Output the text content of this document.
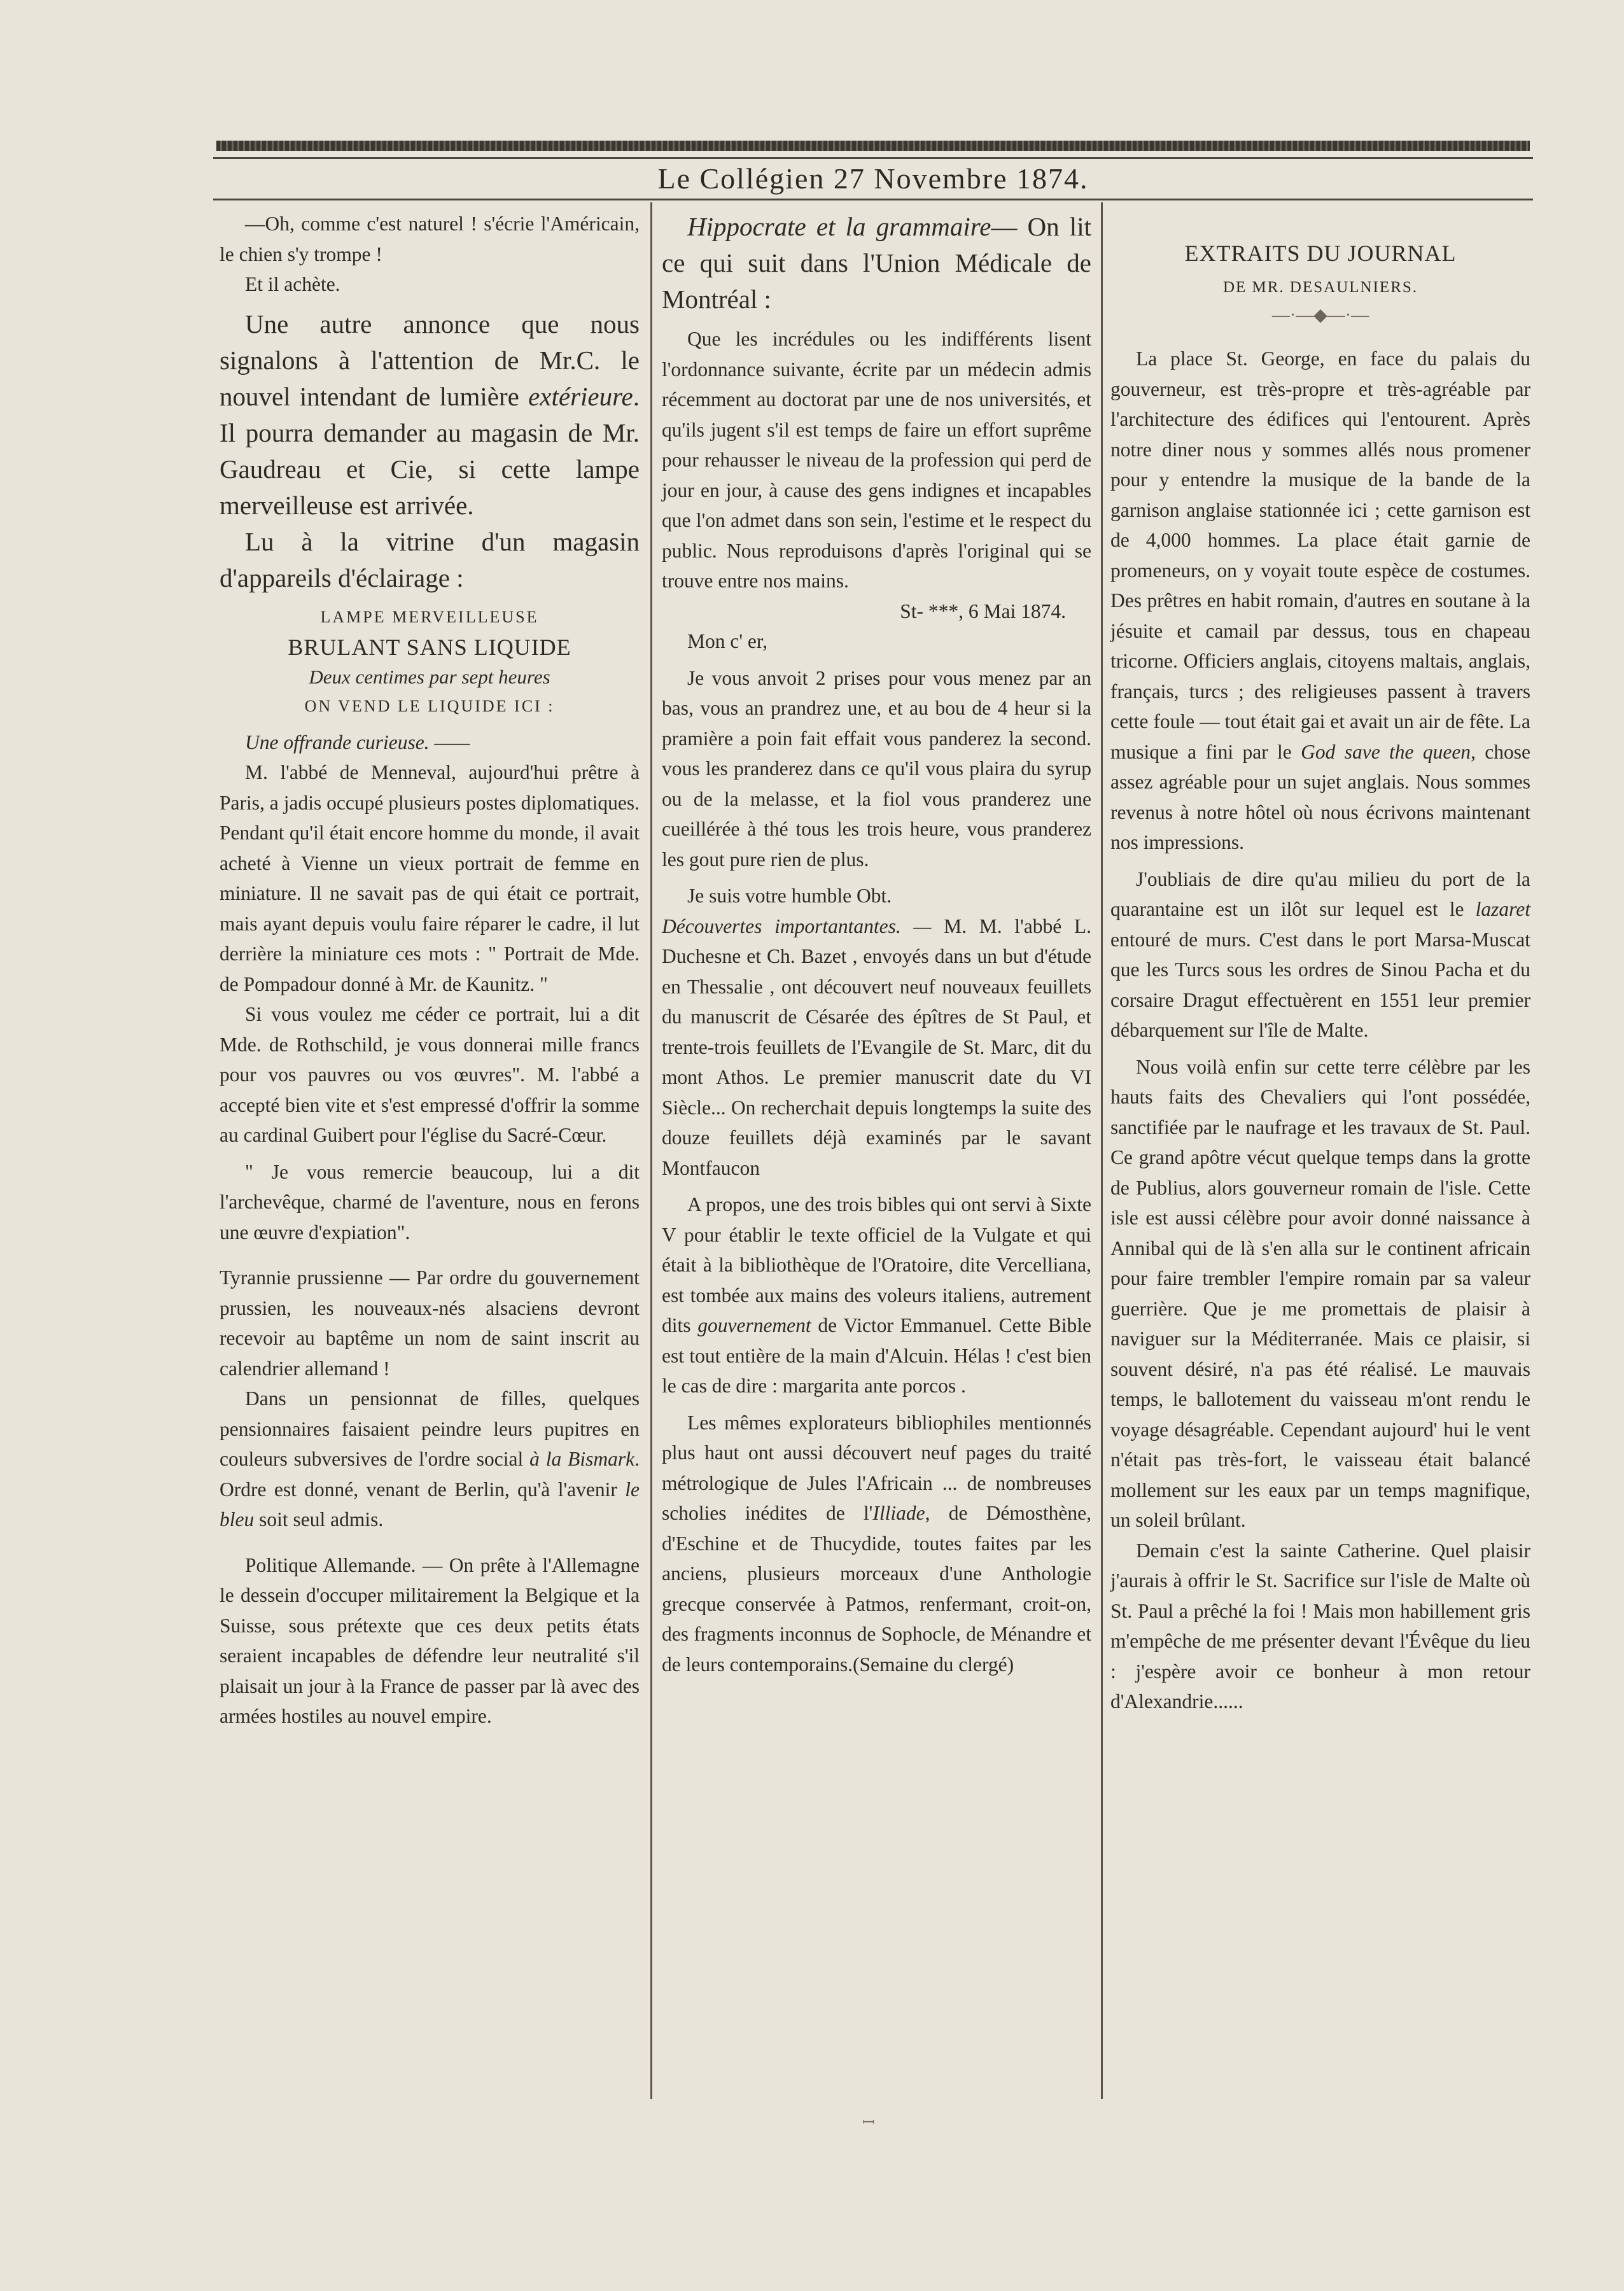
Le Collégien 27 Novembre 1874.

—Oh, comme c'est naturel ! s'écrie l'Américain, le chien s'y trompe !

Et il achète.

Une autre annonce que nous signalons à l'attention de Mr.C. le nouvel intendant de lumière extérieure. Il pourra demander au magasin de Mr. Gaudreau et Cie, si cette lampe merveilleuse est arrivée.

Lu à la vitrine d'un magasin d'appareils d'éclairage :

LAMPE MERVEILLEUSE

BRULANT SANS LIQUIDE

Deux centimes par sept heures

ON VEND LE LIQUIDE ICI :

Une offrande curieuse. ——

M. l'abbé de Menneval, aujourd'hui prêtre à Paris, a jadis occupé plusieurs postes diplomatiques. Pendant qu'il était encore homme du monde, il avait acheté à Vienne un vieux portrait de femme en miniature. Il ne savait pas de qui était ce portrait, mais ayant depuis voulu faire réparer le cadre, il lut derrière la miniature ces mots : " Portrait de Mde. de Pompadour donné à Mr. de Kaunitz. "

Si vous voulez me céder ce portrait, lui a dit Mde. de Rothschild, je vous donnerai mille francs pour vos pauvres ou vos œuvres". M. l'abbé a accepté bien vite et s'est empressé d'offrir la somme au cardinal Guibert pour l'église du Sacré-Cœur.

" Je vous remercie beaucoup, lui a dit l'archevêque, charmé de l'aventure, nous en ferons une œuvre d'expiation".

Tyrannie prussienne — Par ordre du gouvernement prussien, les nouveaux-nés alsaciens devront recevoir au baptême un nom de saint inscrit au calendrier allemand !

Dans un pensionnat de filles, quelques pensionnaires faisaient peindre leurs pupitres en couleurs subversives de l'ordre social à la Bismark. Ordre est donné, venant de Berlin, qu'à l'avenir le bleu soit seul admis.

Politique Allemande. — On prête à l'Allemagne le dessein d'occuper militairement la Belgique et la Suisse, sous prétexte que ces deux petits états seraient incapables de défendre leur neutralité s'il plaisait un jour à la France de passer par là avec des armées hostiles au nouvel empire.

Hippocrate et la grammaire— On lit ce qui suit dans l'Union Médicale de Montréal :

Que les incrédules ou les indifférents lisent l'ordonnance suivante, écrite par un médecin admis récemment au doctorat par une de nos universités, et qu'ils jugent s'il est temps de faire un effort suprême pour rehausser le niveau de la profession qui perd de jour en jour, à cause des gens indignes et incapables que l'on admet dans son sein, l'estime et le respect du public. Nous reproduisons d'après l'original qui se trouve entre nos mains.

St- ***, 6 Mai 1874.

Mon c' er,

Je vous anvoit 2 prises pour vous menez par an bas, vous an prandrez une, et au bou de 4 heur si la pramière a poin fait effait vous panderez la second. vous les pranderez dans ce qu'il vous plaira du syrup ou de la melasse, et la fiol vous pranderez une cueillérée à thé tous les trois heure, vous pranderez les gout pure rien de plus.

Je suis votre humble Obt.

Découvertes importantantes. — M. M. l'abbé L. Duchesne et Ch. Bazet , envoyés dans un but d'étude en Thessalie , ont découvert neuf nouveaux feuillets du manuscrit de Césarée des épîtres de St Paul, et trente-trois feuillets de l'Evangile de St. Marc, dit du mont Athos. Le premier manuscrit date du VI Siècle... On recherchait depuis longtemps la suite des douze feuillets déjà examinés par le savant Montfaucon

A propos, une des trois bibles qui ont servi à Sixte V pour établir le texte officiel de la Vulgate et qui était à la bibliothèque de l'Oratoire, dite Vercelliana, est tombée aux mains des voleurs italiens, autrement dits gouvernement de Victor Emmanuel. Cette Bible est tout entière de la main d'Alcuin. Hélas ! c'est bien le cas de dire : margarita ante porcos .

Les mêmes explorateurs bibliophiles mentionnés plus haut ont aussi découvert neuf pages du traité métrologique de Jules l'Africain ... de nombreuses scholies inédites de l'Illiade, de Démosthène, d'Eschine et de Thucydide, toutes faites par les anciens, plusieurs morceaux d'une Anthologie grecque conservée à Patmos, renfermant, croit-on, des fragments inconnus de Sophocle, de Ménandre et de leurs contemporains.(Semaine du clergé)

EXTRAITS DU JOURNAL

DE MR. DESAULNIERS.

—·—◆—·—

La place St. George, en face du palais du gouverneur, est très-propre et très-agréable par l'architecture des édifices qui l'entourent. Après notre diner nous y sommes allés nous promener pour y entendre la musique de la bande de la garnison anglaise stationnée ici ; cette garnison est de 4,000 hommes. La place était garnie de promeneurs, on y voyait toute espèce de costumes. Des prêtres en habit romain, d'autres en soutane à la jésuite et camail par dessus, tous en chapeau tricorne. Officiers anglais, citoyens maltais, anglais, français, turcs ; des religieuses passent à travers cette foule — tout était gai et avait un air de fête. La musique a fini par le God save the queen, chose assez agréable pour un sujet anglais. Nous sommes revenus à notre hôtel où nous écrivons maintenant nos impressions.

J'oubliais de dire qu'au milieu du port de la quarantaine est un ilôt sur lequel est le lazaret entouré de murs. C'est dans le port Marsa-Muscat que les Turcs sous les ordres de Sinou Pacha et du corsaire Dragut effectuèrent en 1551 leur premier débarquement sur l'île de Malte.

Nous voilà enfin sur cette terre célèbre par les hauts faits des Chevaliers qui l'ont possédée, sanctifiée par le naufrage et les travaux de St. Paul. Ce grand apôtre vécut quelque temps dans la grotte de Publius, alors gouverneur romain de l'isle. Cette isle est aussi célèbre pour avoir donné naissance à Annibal qui de là s'en alla sur le continent africain pour faire trembler l'empire romain par sa valeur guerrière. Que je me promettais de plaisir à naviguer sur la Méditerranée. Mais ce plaisir, si souvent désiré, n'a pas été réalisé. Le mauvais temps, le ballotement du vaisseau m'ont rendu le voyage désagréable. Cependant aujourd' hui le vent n'était pas très-fort, le vaisseau était balancé mollement sur les eaux par un temps magnifique, un soleil brûlant.

Demain c'est la sainte Catherine. Quel plaisir j'aurais à offrir le St. Sacrifice sur l'isle de Malte où St. Paul a prêché la foi ! Mais mon habillement gris m'empêche de me présenter devant l'Évêque du lieu : j'espère avoir ce bonheur à mon retour d'Alexandrie......

ꟷ
